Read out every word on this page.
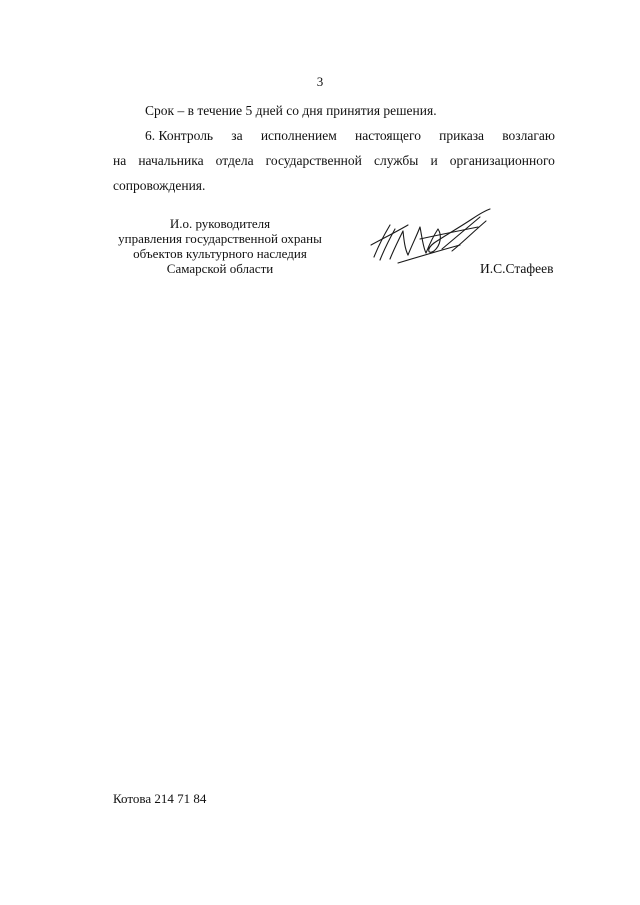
3
Срок – в течение 5 дней со дня принятия решения.
6. Контроль за исполнением настоящего приказа возлагаю
на начальника отдела государственной службы и организационного
сопровождения.
И.о. руководителя
управления государственной охраны
объектов культурного наследия
Самарской области	И.С.Стафеев
Котова 214 71 84
